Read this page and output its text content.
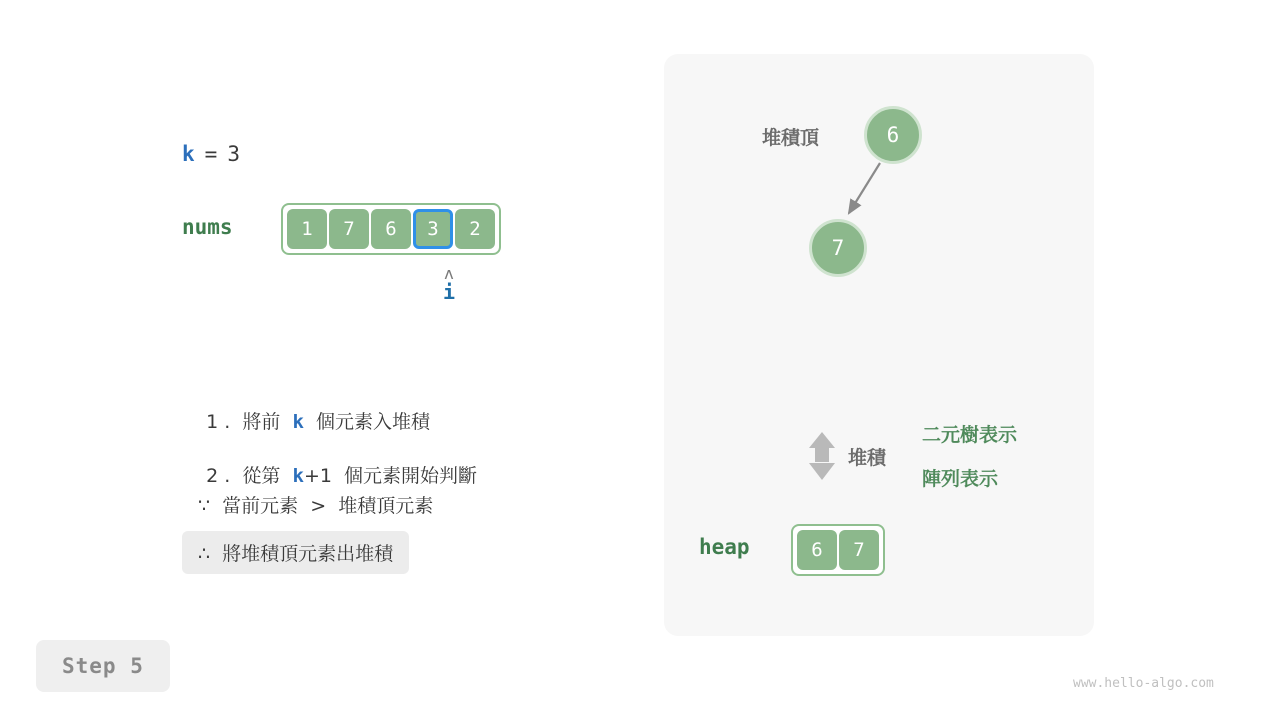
k = 3
nums	1	7	6	3	2
ʌ
i

1 .  將前  k  個元素入堆積

2 .  從第  k+1  個元素開始判斷

∵  當前元素  >  堆積頂元素
∴  將堆積頂元素出堆積
Step 5
www.hello-algo.com
堆積頂	6
7
堆積
二元樹表示
陣列表示
heap	6	7
